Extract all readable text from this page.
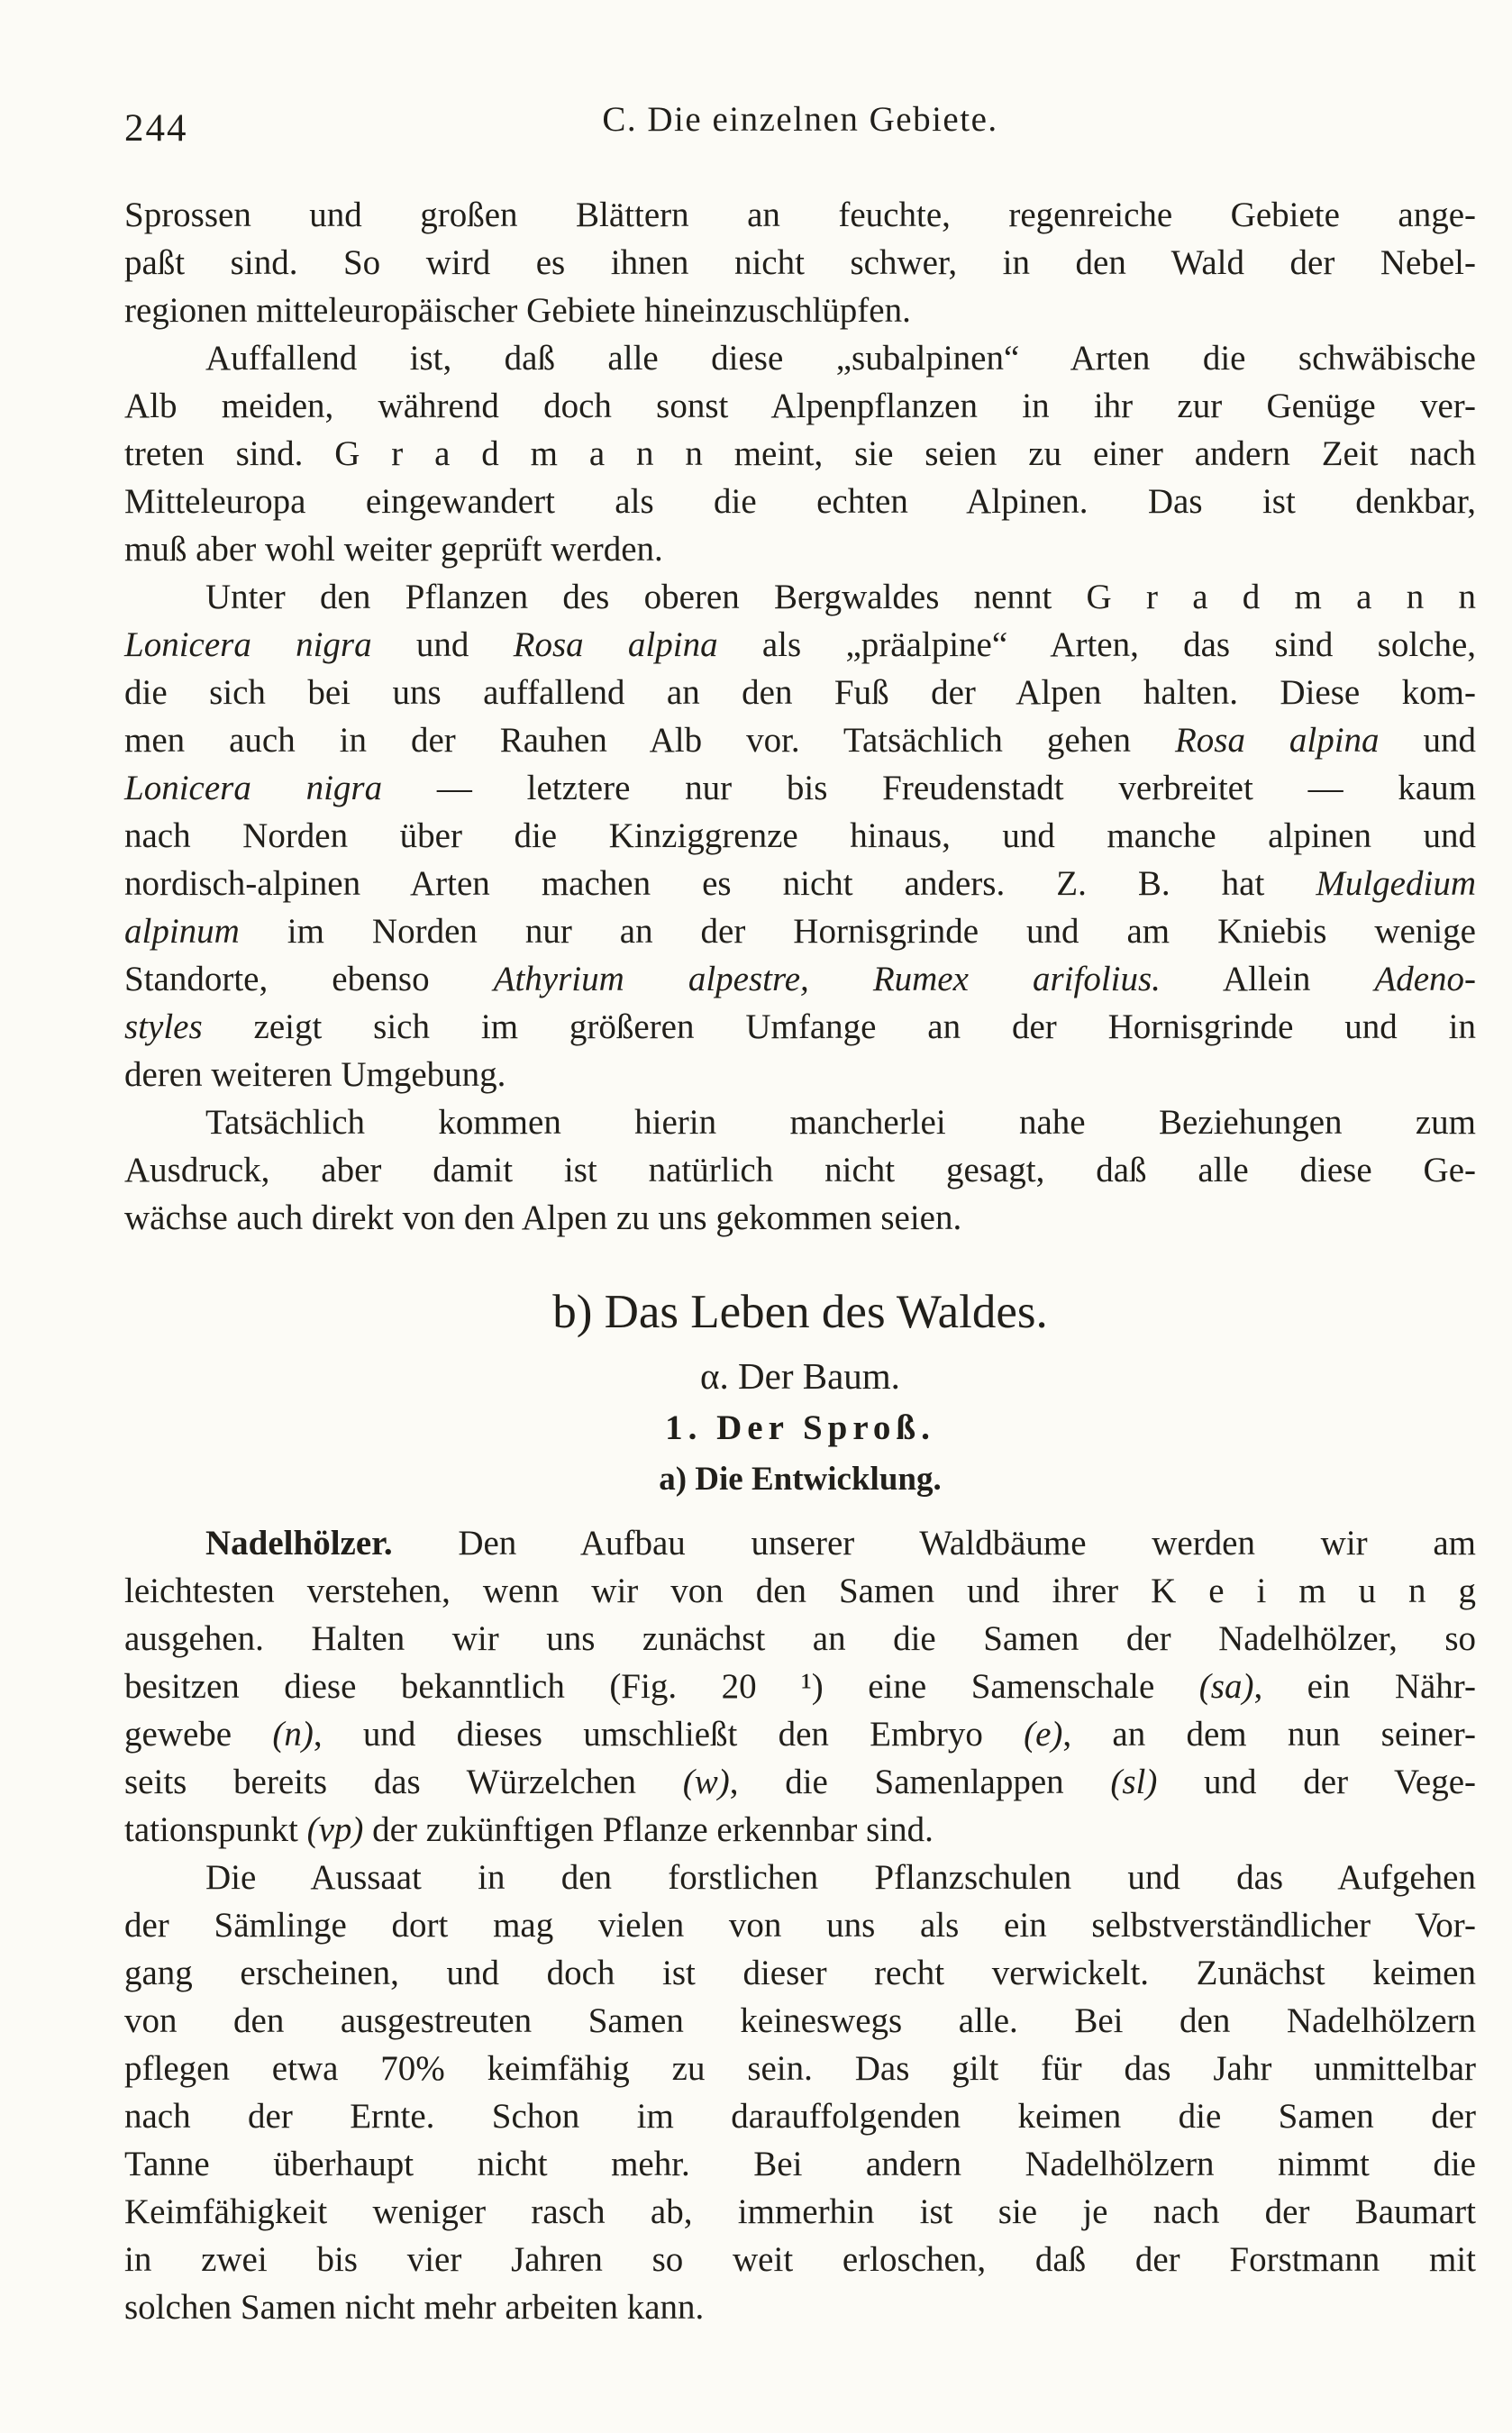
244	C. Die einzelnen Gebiete.
Sprossen und großen Blättern an feuchte, regenreiche Gebiete ange-
paßt sind. So wird es ihnen nicht schwer, in den Wald der Nebel-
regionen mitteleuropäischer Gebiete hineinzuschlüpfen.
Auffallend ist, daß alle diese „subalpinen“ Arten die schwäbische
Alb meiden, während doch sonst Alpenpflanzen in ihr zur Genüge ver-
treten sind. G r a d m a n n meint, sie seien zu einer andern Zeit nach
Mitteleuropa eingewandert als die echten Alpinen. Das ist denkbar,
muß aber wohl weiter geprüft werden.
Unter den Pflanzen des oberen Bergwaldes nennt G r a d m a n n
Lonicera nigra und Rosa alpina als „präalpine“ Arten, das sind solche,
die sich bei uns auffallend an den Fuß der Alpen halten. Diese kom-
men auch in der Rauhen Alb vor. Tatsächlich gehen Rosa alpina und
Lonicera nigra — letztere nur bis Freudenstadt verbreitet — kaum
nach Norden über die Kinziggrenze hinaus, und manche alpinen und
nordisch-alpinen Arten machen es nicht anders. Z. B. hat Mulgedium
alpinum im Norden nur an der Hornisgrinde und am Kniebis wenige
Standorte, ebenso Athyrium alpestre, Rumex arifolius. Allein Adeno-
styles zeigt sich im größeren Umfange an der Hornisgrinde und in
deren weiteren Umgebung.
Tatsächlich kommen hierin mancherlei nahe Beziehungen zum
Ausdruck, aber damit ist natürlich nicht gesagt, daß alle diese Ge-
wächse auch direkt von den Alpen zu uns gekommen seien.
b) Das Leben des Waldes.
α. Der Baum.
1. Der Sproß.
a) Die Entwicklung.
Nadelhölzer. Den Aufbau unserer Waldbäume werden wir am
leichtesten verstehen, wenn wir von den Samen und ihrer K e i m u n g
ausgehen. Halten wir uns zunächst an die Samen der Nadelhölzer, so
besitzen diese bekanntlich (Fig. 20 ¹) eine Samenschale (sa), ein Nähr-
gewebe (n), und dieses umschließt den Embryo (e), an dem nun seiner-
seits bereits das Würzelchen (w), die Samenlappen (sl) und der Vege-
tationspunkt (vp) der zukünftigen Pflanze erkennbar sind.
Die Aussaat in den forstlichen Pflanzschulen und das Aufgehen
der Sämlinge dort mag vielen von uns als ein selbstverständlicher Vor-
gang erscheinen, und doch ist dieser recht verwickelt. Zunächst keimen
von den ausgestreuten Samen keineswegs alle. Bei den Nadelhölzern
pflegen etwa 70% keimfähig zu sein. Das gilt für das Jahr unmittelbar
nach der Ernte. Schon im darauffolgenden keimen die Samen der
Tanne überhaupt nicht mehr. Bei andern Nadelhölzern nimmt die
Keimfähigkeit weniger rasch ab, immerhin ist sie je nach der Baumart
in zwei bis vier Jahren so weit erloschen, daß der Forstmann mit
solchen Samen nicht mehr arbeiten kann.
